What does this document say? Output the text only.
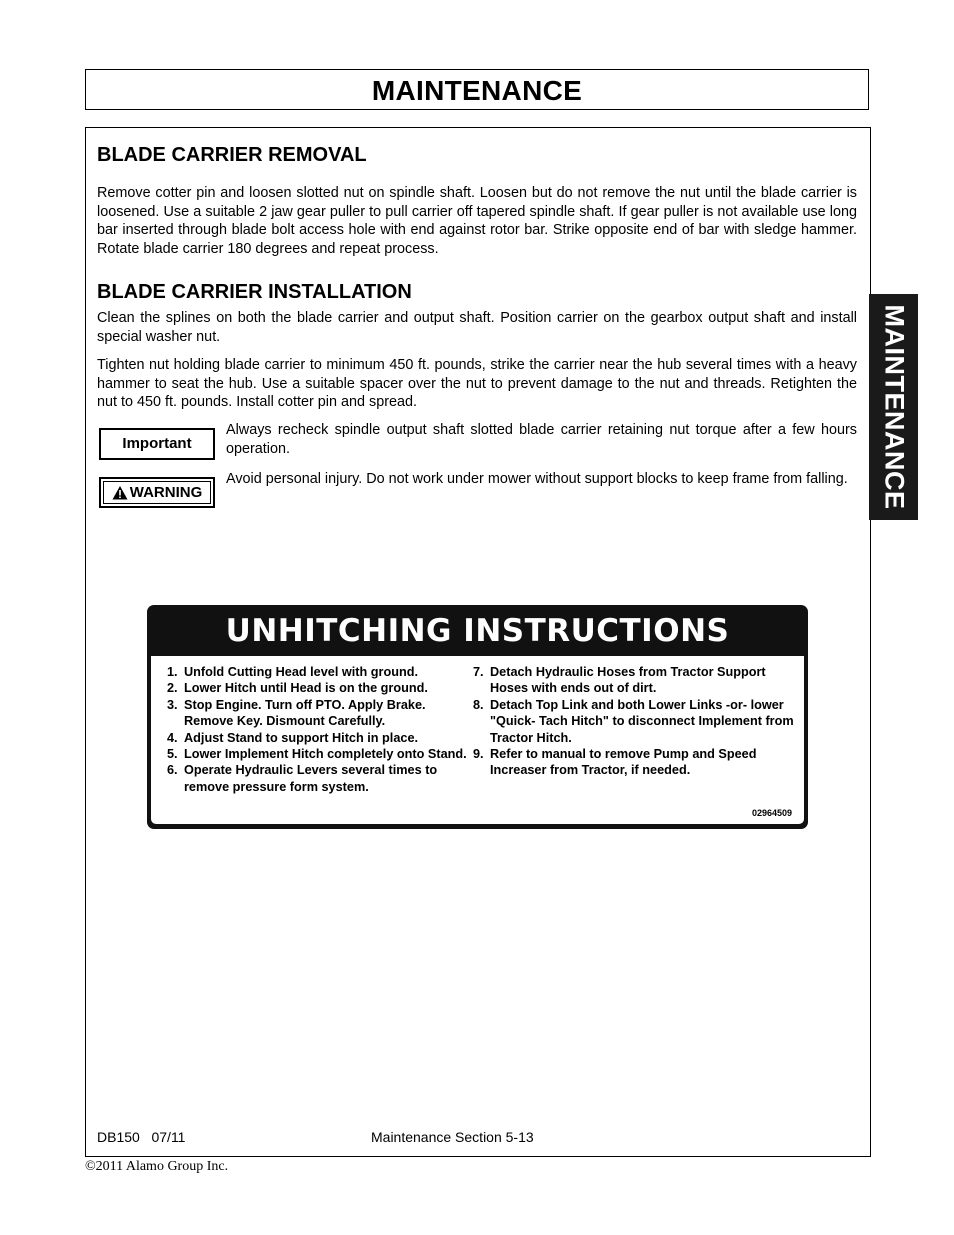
MAINTENANCE
MAINTENANCE
BLADE CARRIER REMOVAL

Remove cotter pin and loosen slotted nut on spindle shaft. Loosen but do not remove the nut until the blade carrier is loosened. Use a suitable 2 jaw gear puller to pull carrier off tapered spindle shaft. If gear puller is not available use long bar inserted through blade bolt access hole with end against rotor bar. Strike opposite end of bar with sledge hammer. Rotate blade carrier 180 degrees and repeat process.

BLADE CARRIER INSTALLATION

Clean the splines on both the blade carrier and output shaft. Position carrier on the gearbox output shaft and install special washer nut.

Tighten nut holding blade carrier to minimum 450 ft. pounds, strike the carrier near the hub several times with a heavy hammer to seat the hub. Use a suitable spacer over the nut to prevent damage to the nut and threads. Retighten the nut to 450 ft. pounds. Install cotter pin and spread.

Important

Always recheck spindle output shaft slotted blade carrier retaining nut torque after a few hours operation.

WARNING

Avoid personal injury. Do not work under mower without support blocks to keep frame from falling.

UNHITCHING INSTRUCTIONS
1. Unfold Cutting Head level with ground.
2. Lower Hitch until Head is on the ground.
3. Stop Engine. Turn off PTO. Apply Brake. Remove Key. Dismount Carefully.
4. Adjust Stand to support Hitch in place.
5. Lower Implement Hitch completely onto Stand.
6. Operate Hydraulic Levers several times to remove pressure form system.
7. Detach Hydraulic Hoses from Tractor Support Hoses with ends out of dirt.
8. Detach Top Link and both Lower Links -or- lower "Quick- Tach Hitch" to disconnect Implement from Tractor Hitch.
9. Refer to manual to remove Pump and Speed Increaser from Tractor, if needed.
02964509
DB150   07/11	Maintenance Section 5-13
©2011 Alamo Group Inc.
